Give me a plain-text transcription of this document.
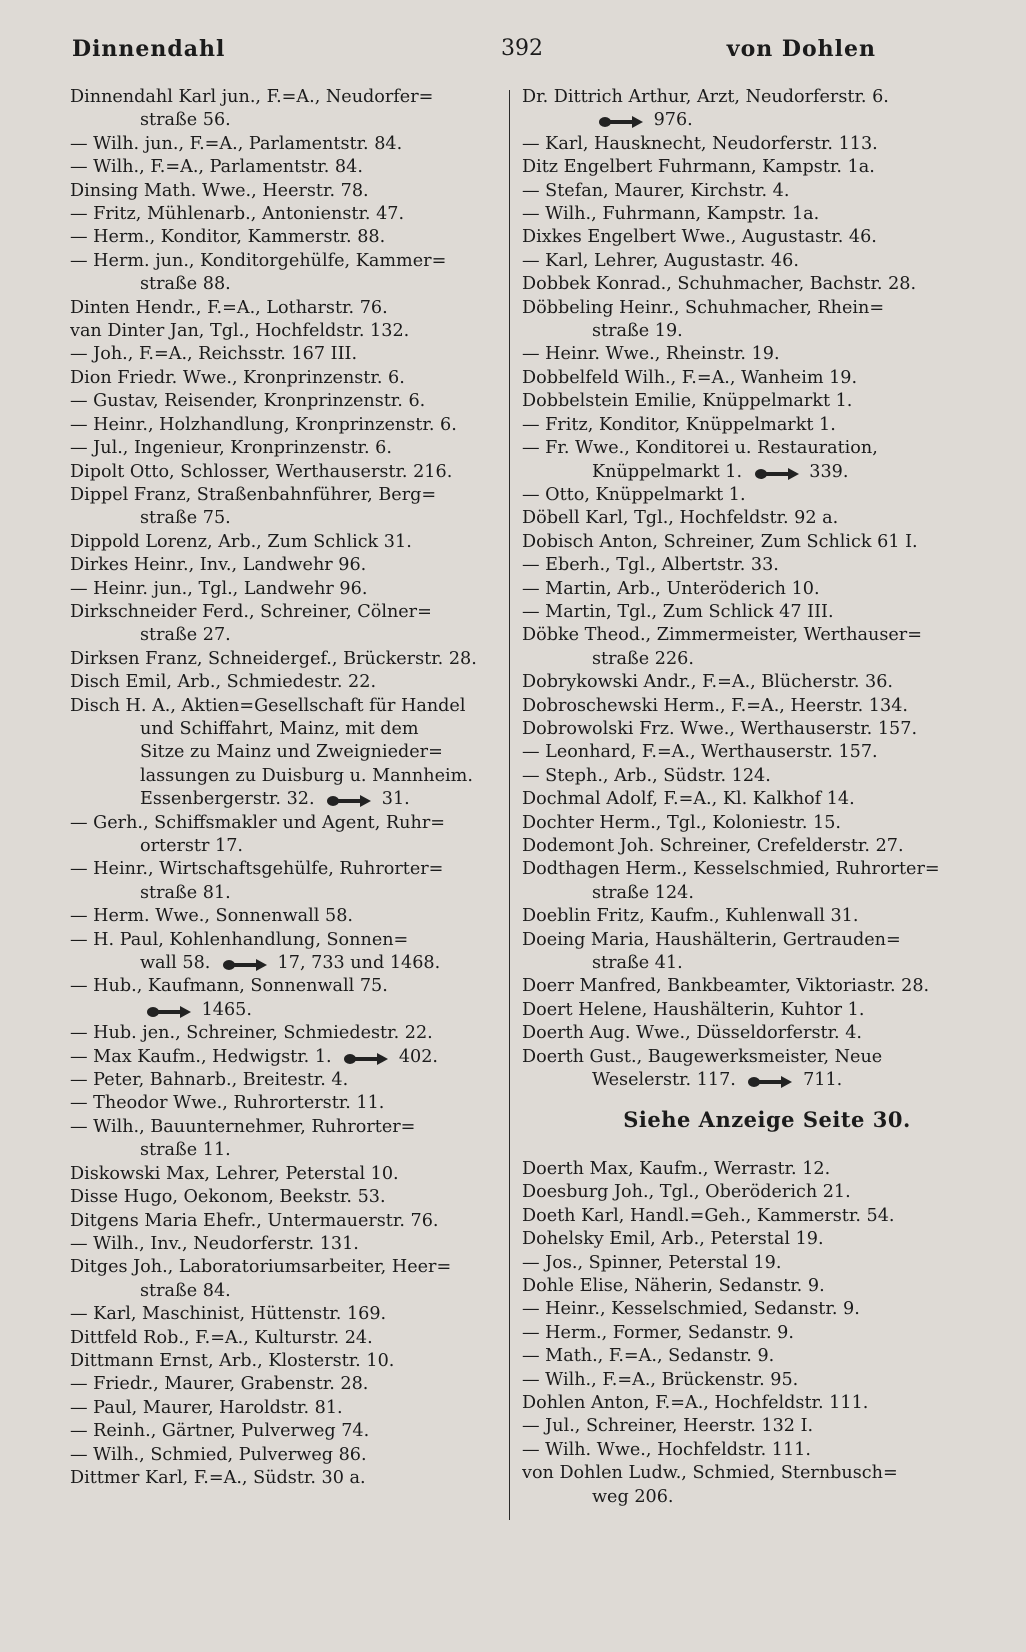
Dinnendahl	392	von Dohlen
Dinnendahl Karl jun., F.=A., Neudorfer=
straße 56.
— Wilh. jun., F.=A., Parlamentstr. 84.
— Wilh., F.=A., Parlamentstr. 84.
Dinsing Math. Wwe., Heerstr. 78.
— Fritz, Mühlenarb., Antonienstr. 47.
— Herm., Konditor, Kammerstr. 88.
— Herm. jun., Konditorgehülfe, Kammer=
straße 88.
Dinten Hendr., F.=A., Lotharstr. 76.
van Dinter Jan, Tgl., Hochfeldstr. 132.
— Joh., F.=A., Reichsstr. 167 III.
Dion Friedr. Wwe., Kronprinzenstr. 6.
— Gustav, Reisender, Kronprinzenstr. 6.
— Heinr., Holzhandlung, Kronprinzenstr. 6.
— Jul., Ingenieur, Kronprinzenstr. 6.
Dipolt Otto, Schlosser, Werthauserstr. 216.
Dippel Franz, Straßenbahnführer, Berg=
straße 75.
Dippold Lorenz, Arb., Zum Schlick 31.
Dirkes Heinr., Inv., Landwehr 96.
— Heinr. jun., Tgl., Landwehr 96.
Dirkschneider Ferd., Schreiner, Cölner=
straße 27.
Dirksen Franz, Schneidergef., Brückerstr. 28.
Disch Emil, Arb., Schmiedestr. 22.
Disch H. A., Aktien=Gesellschaft für Handel
und Schiffahrt, Mainz, mit dem
Sitze zu Mainz und Zweignieder=
lassungen zu Duisburg u. Mannheim.
Essenbergerstr. 32.	31.
— Gerh., Schiffsmakler und Agent, Ruhr=
orterstr 17.
— Heinr., Wirtschaftsgehülfe, Ruhrorter=
straße 81.
— Herm. Wwe., Sonnenwall 58.
— H. Paul, Kohlenhandlung, Sonnen=
wall 58.	17, 733 und 1468.
— Hub., Kaufmann, Sonnenwall 75.
1465.
— Hub. jen., Schreiner, Schmiedestr. 22.
— Max Kaufm., Hedwigstr. 1.	402.
— Peter, Bahnarb., Breitestr. 4.
— Theodor Wwe., Ruhrorterstr. 11.
— Wilh., Bauunternehmer, Ruhrorter=
straße 11.
Diskowski Max, Lehrer, Peterstal 10.
Disse Hugo, Oekonom, Beekstr. 53.
Ditgens Maria Ehefr., Untermauerstr. 76.
— Wilh., Inv., Neudorferstr. 131.
Ditges Joh., Laboratoriumsarbeiter, Heer=
straße 84.
— Karl, Maschinist, Hüttenstr. 169.
Dittfeld Rob., F.=A., Kulturstr. 24.
Dittmann Ernst, Arb., Klosterstr. 10.
— Friedr., Maurer, Grabenstr. 28.
— Paul, Maurer, Haroldstr. 81.
— Reinh., Gärtner, Pulverweg 74.
— Wilh., Schmied, Pulverweg 86.
Dittmer Karl, F.=A., Südstr. 30 a.
Dr. Dittrich Arthur, Arzt, Neudorferstr. 6.
976.
— Karl, Hausknecht, Neudorferstr. 113.
Ditz Engelbert Fuhrmann, Kampstr. 1a.
— Stefan, Maurer, Kirchstr. 4.
— Wilh., Fuhrmann, Kampstr. 1a.
Dixkes Engelbert Wwe., Augustastr. 46.
— Karl, Lehrer, Augustastr. 46.
Dobbek Konrad., Schuhmacher, Bachstr. 28.
Döbbeling Heinr., Schuhmacher, Rhein=
straße 19.
— Heinr. Wwe., Rheinstr. 19.
Dobbelfeld Wilh., F.=A., Wanheim 19.
Dobbelstein Emilie, Knüppelmarkt 1.
— Fritz, Konditor, Knüppelmarkt 1.
— Fr. Wwe., Konditorei u. Restauration,
Knüppelmarkt 1.	339.
— Otto, Knüppelmarkt 1.
Döbell Karl, Tgl., Hochfeldstr. 92 a.
Dobisch Anton, Schreiner, Zum Schlick 61 I.
— Eberh., Tgl., Albertstr. 33.
— Martin, Arb., Unteröderich 10.
— Martin, Tgl., Zum Schlick 47 III.
Döbke Theod., Zimmermeister, Werthauser=
straße 226.
Dobrykowski Andr., F.=A., Blücherstr. 36.
Dobroschewski Herm., F.=A., Heerstr. 134.
Dobrowolski Frz. Wwe., Werthauserstr. 157.
— Leonhard, F.=A., Werthauserstr. 157.
— Steph., Arb., Südstr. 124.
Dochmal Adolf, F.=A., Kl. Kalkhof 14.
Dochter Herm., Tgl., Koloniestr. 15.
Dodemont Joh. Schreiner, Crefelderstr. 27.
Dodthagen Herm., Kesselschmied, Ruhrorter=
straße 124.
Doeblin Fritz, Kaufm., Kuhlenwall 31.
Doeing Maria, Haushälterin, Gertrauden=
straße 41.
Doerr Manfred, Bankbeamter, Viktoriastr. 28.
Doert Helene, Haushälterin, Kuhtor 1.
Doerth Aug. Wwe., Düsseldorferstr. 4.
Doerth Gust., Baugewerksmeister, Neue
Weselerstr. 117.	711.
Siehe Anzeige Seite 30.
Doerth Max, Kaufm., Werrastr. 12.
Doesburg Joh., Tgl., Oberöderich 21.
Doeth Karl, Handl.=Geh., Kammerstr. 54.
Dohelsky Emil, Arb., Peterstal 19.
— Jos., Spinner, Peterstal 19.
Dohle Elise, Näherin, Sedanstr. 9.
— Heinr., Kesselschmied, Sedanstr. 9.
— Herm., Former, Sedanstr. 9.
— Math., F.=A., Sedanstr. 9.
— Wilh., F.=A., Brückenstr. 95.
Dohlen Anton, F.=A., Hochfeldstr. 111.
— Jul., Schreiner, Heerstr. 132 I.
— Wilh. Wwe., Hochfeldstr. 111.
von Dohlen Ludw., Schmied, Sternbusch=
weg 206.
